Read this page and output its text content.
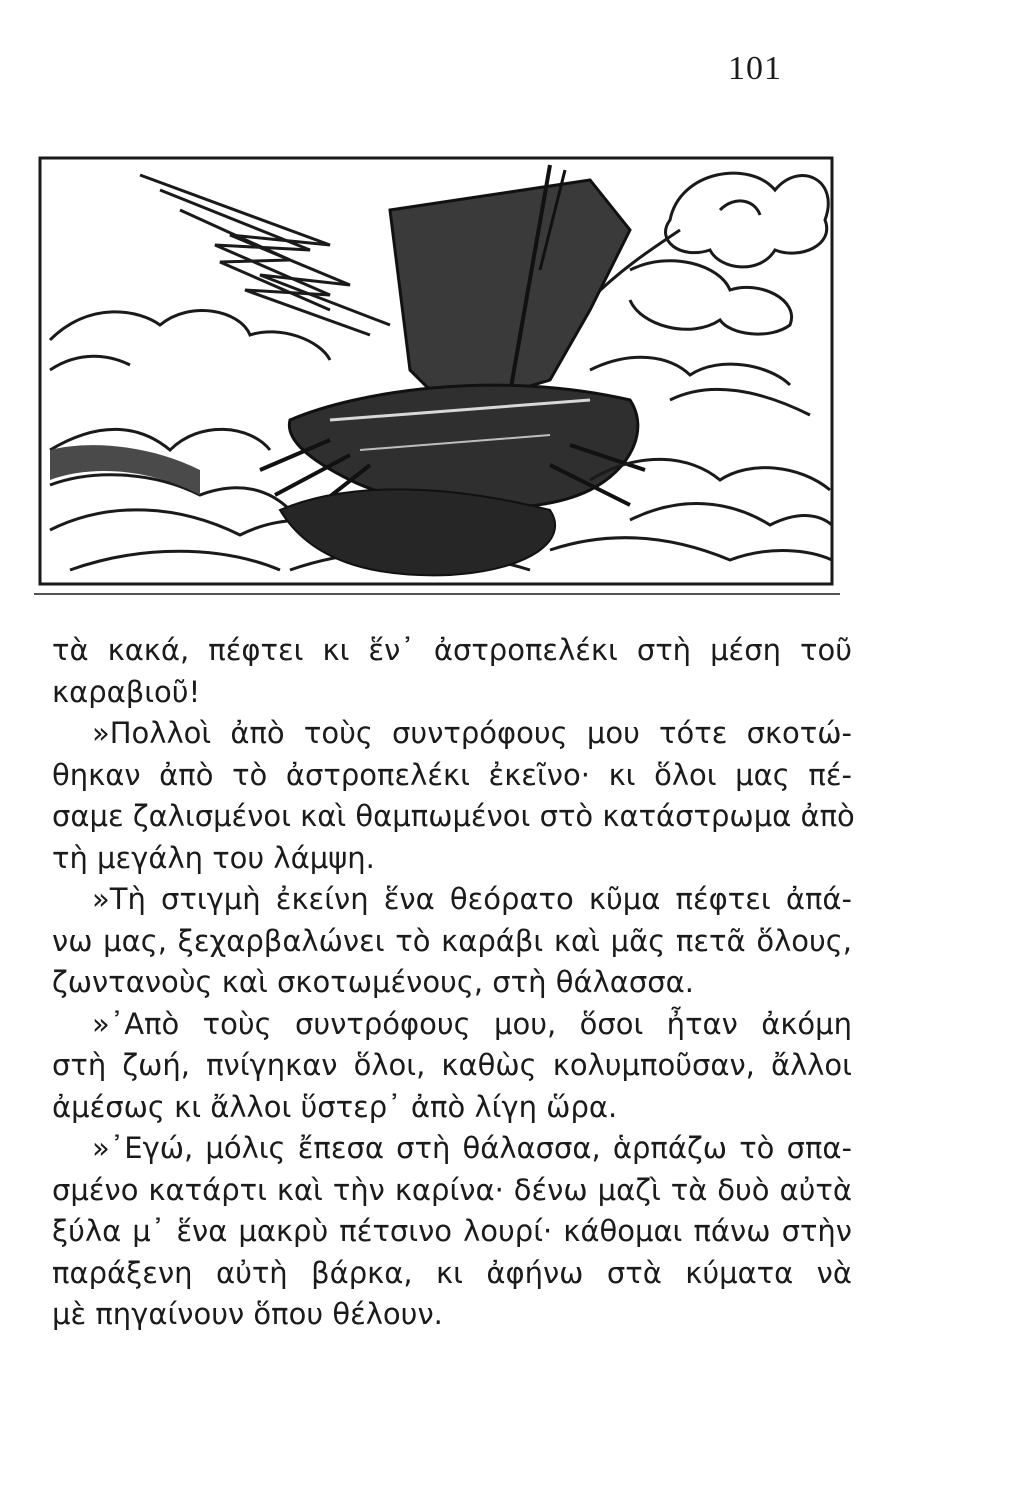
101
τὰ κακά, πέφτει κι ἕν᾽ ἀστροπελέκι στὴ μέση τοῦ
καραβιοῦ!
»Πολλοὶ ἀπὸ τοὺς συντρόφους μου τότε σκοτώ-
θηκαν ἀπὸ τὸ ἀστροπελέκι ἐκεῖνο· κι ὅλοι μας πέ-
σαμε ζαλισμένοι καὶ θαμπωμένοι στὸ κατάστρωμα ἀπὸ
τὴ μεγάλη του λάμψη.
»Τὴ στιγμὴ ἐκείνη ἕνα θεόρατο κῦμα πέφτει ἀπά-
νω μας, ξεχαρβαλώνει τὸ καράβι καὶ μᾶς πετᾶ ὅλους,
ζωντανοὺς καὶ σκοτωμένους, στὴ θάλασσα.
»᾽Απὸ τοὺς συντρόφους μου, ὅσοι ἦταν ἀκόμη
στὴ ζωή, πνίγηκαν ὅλοι, καθὼς κολυμποῦσαν, ἄλλοι
ἀμέσως κι ἄλλοι ὕστερ᾽ ἀπὸ λίγη ὥρα.
»᾽Εγώ, μόλις ἔπεσα στὴ θάλασσα, ἁρπάζω τὸ σπα-
σμένο κατάρτι καὶ τὴν καρίνα· δένω μαζὶ τὰ δυὸ αὐτὰ
ξύλα μ᾽ ἕνα μακρὺ πέτσινο λουρί· κάθομαι πάνω στὴν
παράξενη αὐτὴ βάρκα, κι ἀφήνω στὰ κύματα νὰ
μὲ πηγαίνουν ὅπου θέλουν.
